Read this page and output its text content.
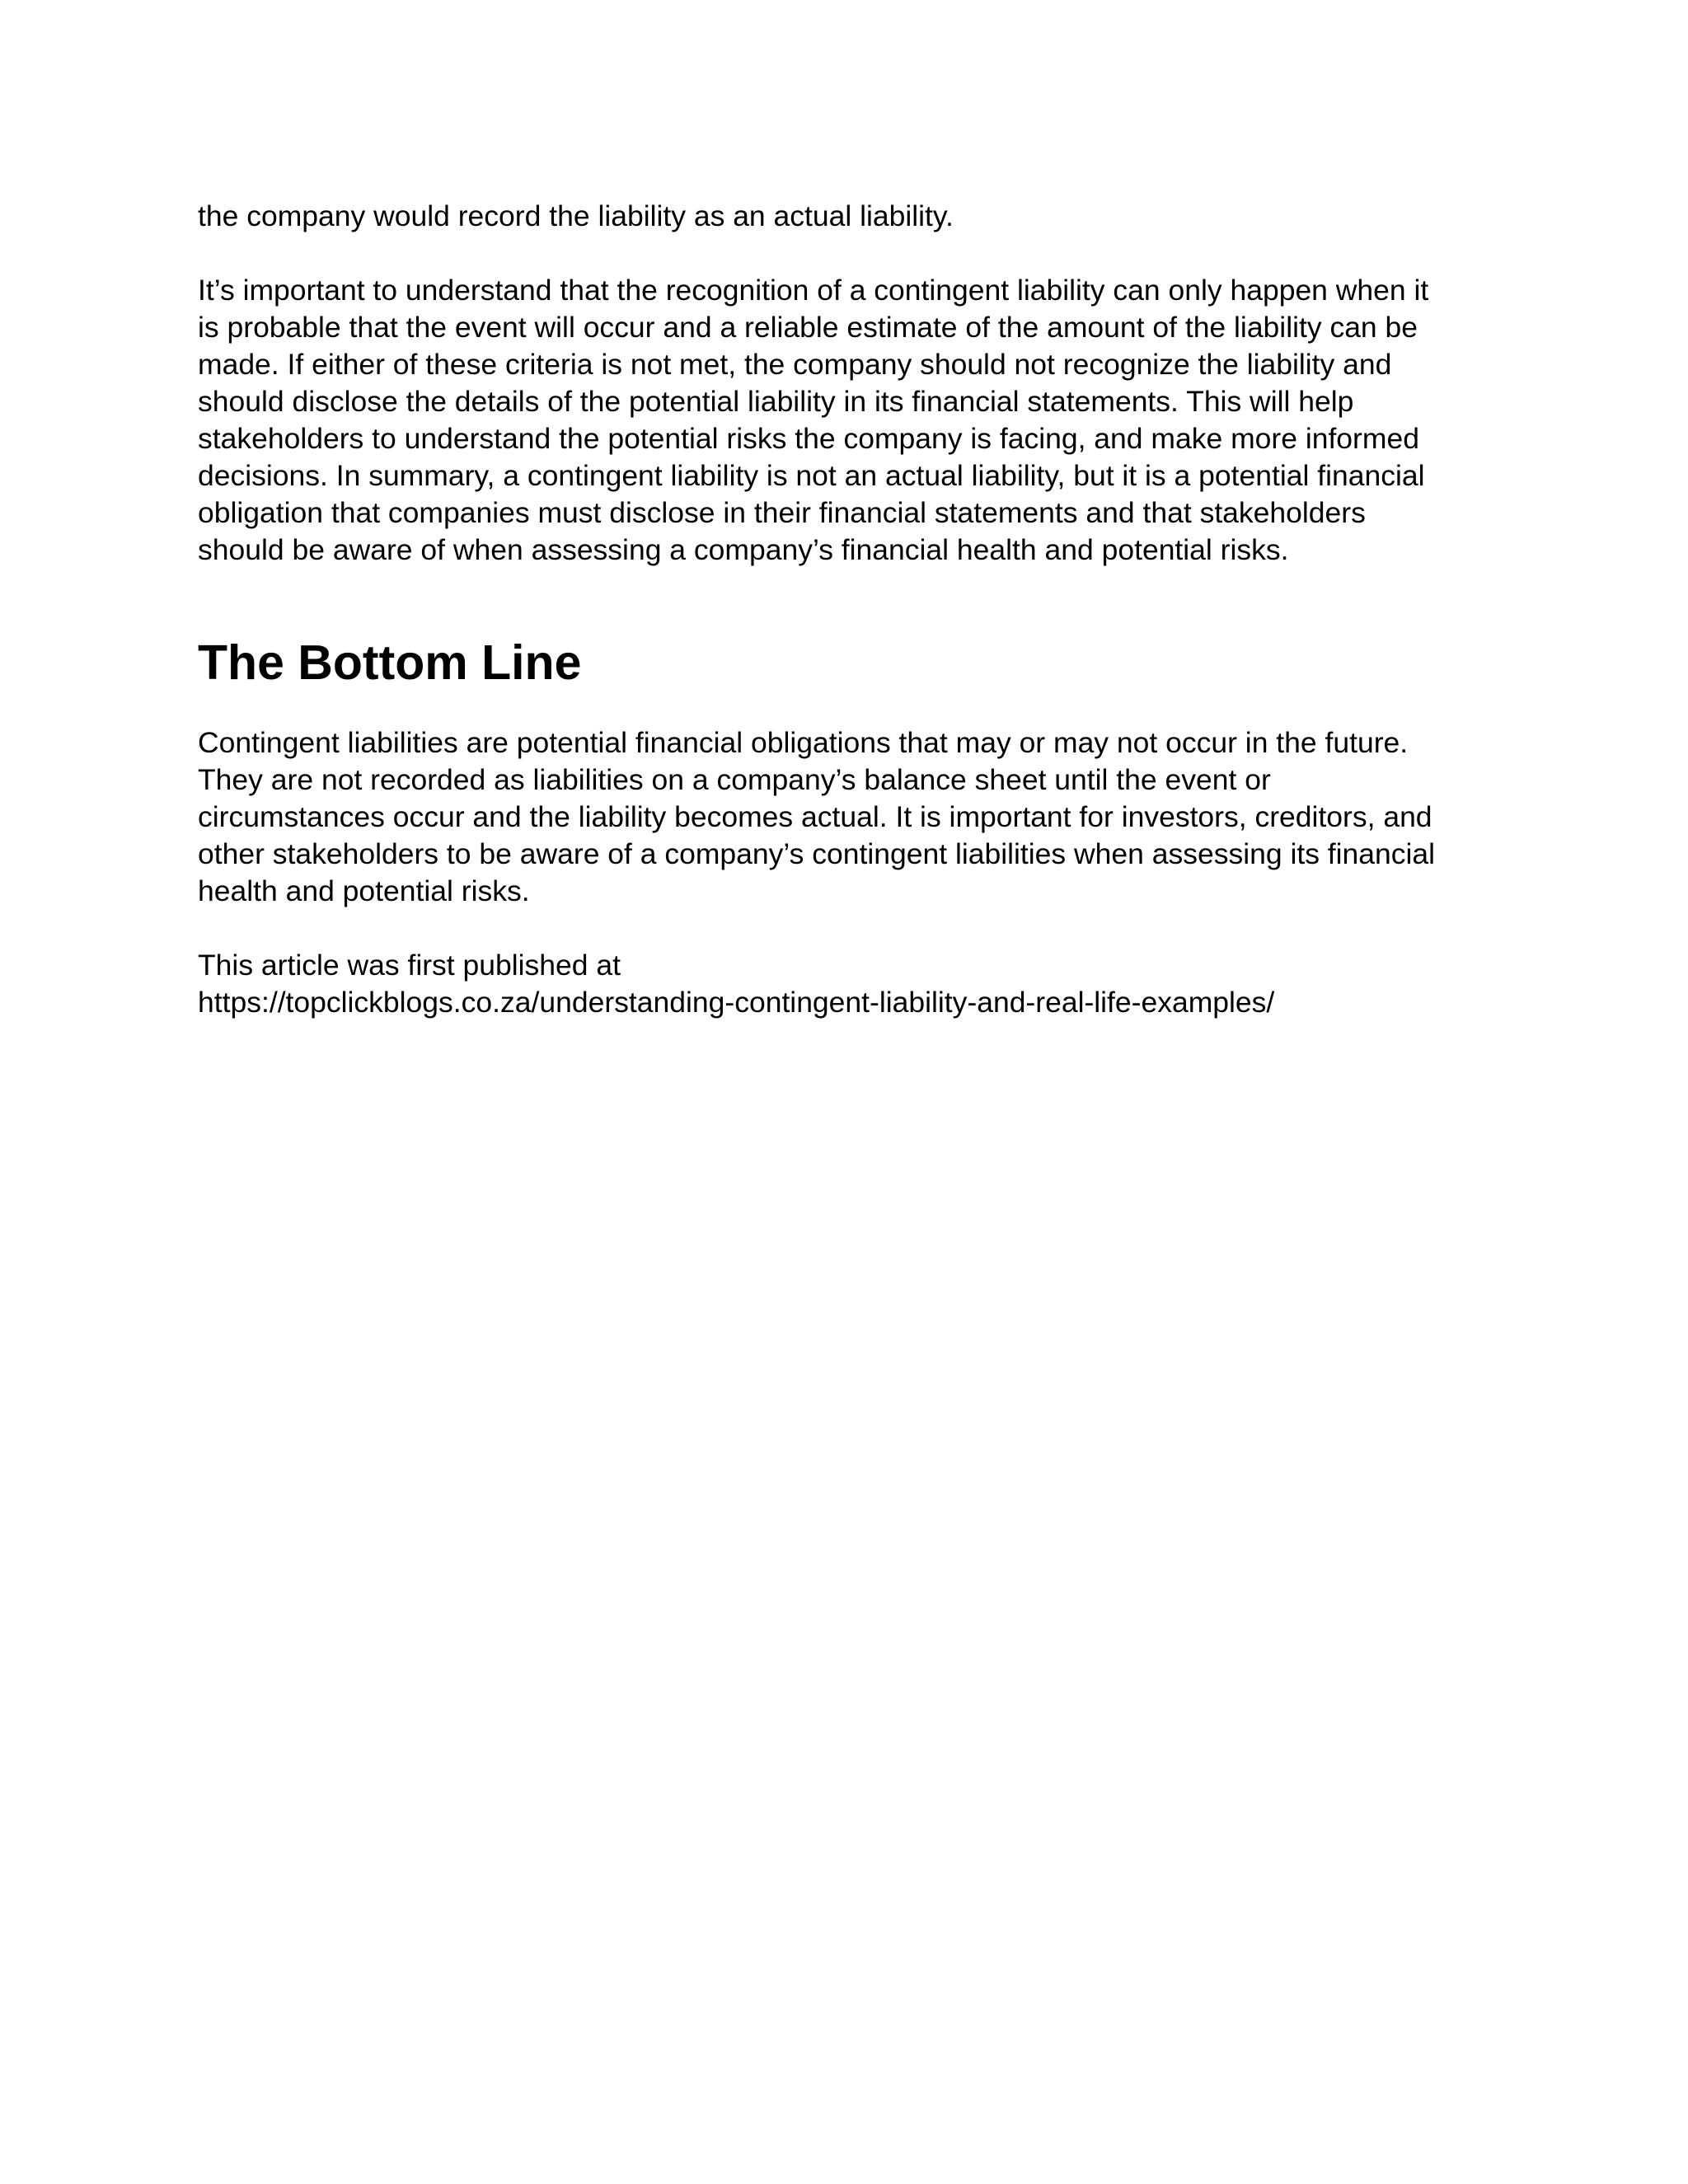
the company would record the liability as an actual liability.

It’s important to understand that the recognition of a contingent liability can only happen when it
is probable that the event will occur and a reliable estimate of the amount of the liability can be
made. If either of these criteria is not met, the company should not recognize the liability and
should disclose the details of the potential liability in its financial statements. This will help
stakeholders to understand the potential risks the company is facing, and make more informed
decisions. In summary, a contingent liability is not an actual liability, but it is a potential financial
obligation that companies must disclose in their financial statements and that stakeholders
should be aware of when assessing a company’s financial health and potential risks.

The Bottom Line

Contingent liabilities are potential financial obligations that may or may not occur in the future.
They are not recorded as liabilities on a company’s balance sheet until the event or
circumstances occur and the liability becomes actual. It is important for investors, creditors, and
other stakeholders to be aware of a company’s contingent liabilities when assessing its financial
health and potential risks.

This article was first published at
https://topclickblogs.co.za/understanding-contingent-liability-and-real-life-examples/
